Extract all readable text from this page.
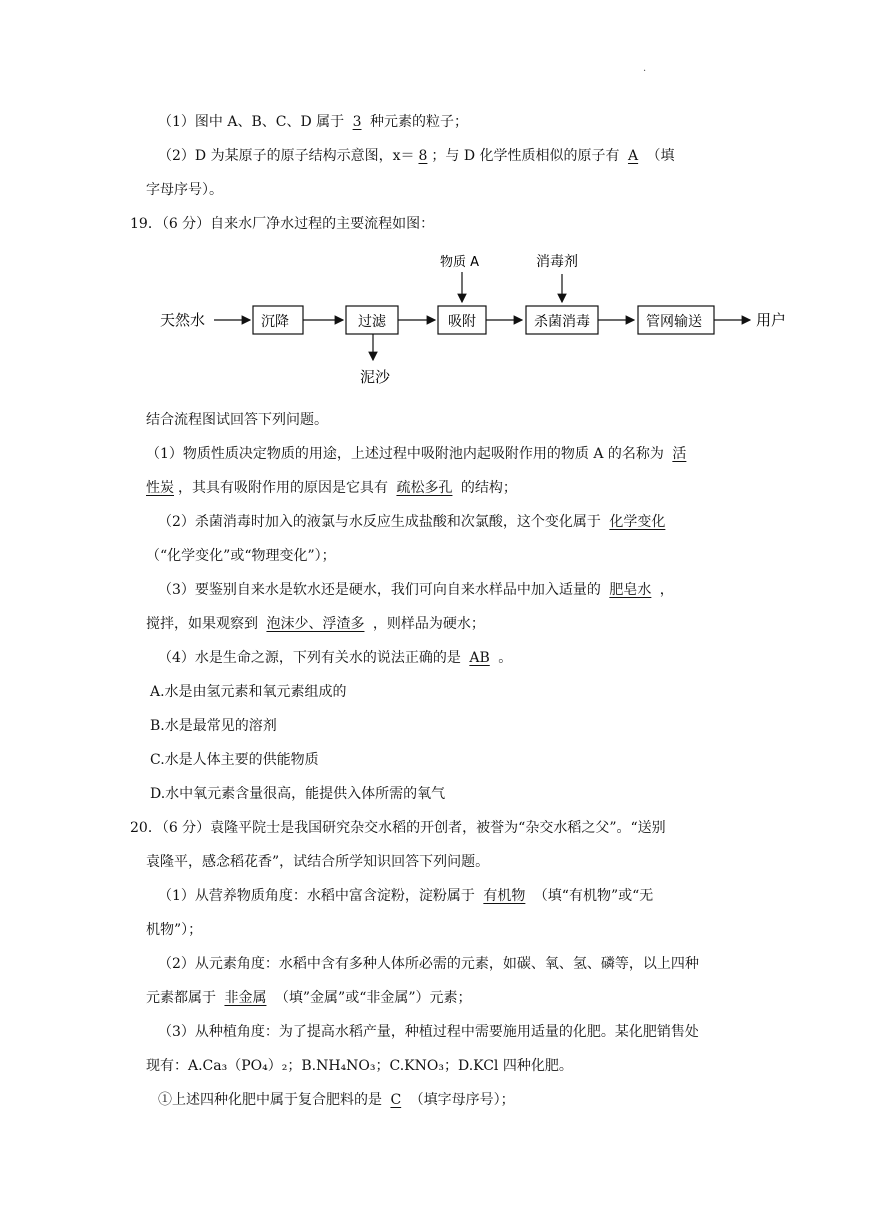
·
（1）图中 A、B、C、D 属于 3 种元素的粒子；
（2）D 为某原子的原子结构示意图，x＝ 8 ；与 D 化学性质相似的原子有 A （填
字母序号）。
19．（6 分）自来水厂净水过程的主要流程如图：
天然水	沉降	过滤
泥沙
吸附
物质 A
杀菌消毒
消毒剂
管网输送	用户
结合流程图试回答下列问题。
（1）物质性质决定物质的用途，上述过程中吸附池内起吸附作用的物质 A 的名称为 活
性炭 ，其具有吸附作用的原因是它具有 疏松多孔 的结构；
（2）杀菌消毒时加入的液氯与水反应生成盐酸和次氯酸，这个变化属于 化学变化
（“化学变化”或“物理变化”）；
（3）要鉴别自来水是软水还是硬水，我们可向自来水样品中加入适量的 肥皂水 ，
搅拌，如果观察到 泡沫少、浮渣多 ，则样品为硬水；
（4）水是生命之源，下列有关水的说法正确的是 AB 。
A.水是由氢元素和氧元素组成的
B.水是最常见的溶剂
C.水是人体主要的供能物质
D.水中氧元素含量很高，能提供入体所需的氧气
20．（6 分）袁隆平院士是我国研究杂交水稻的开创者，被誉为“杂交水稻之父”。“送别
袁隆平，感念稻花香”，试结合所学知识回答下列问题。
（1）从营养物质角度：水稻中富含淀粉，淀粉属于 有机物 （填“有机物”或“无
机物”）；
（2）从元素角度：水稻中含有多种人体所必需的元素，如碳、氧、氢、磷等，以上四种
元素都属于 非金属 （填”金属”或“非金属”）元素；
（3）从种植角度：为了提高水稻产量，种植过程中需要施用适量的化肥。某化肥销售处
现有：A.Ca₃（PO₄）₂；B.NH₄NO₃；C.KNO₃；D.KCl 四种化肥。
①上述四种化肥中属于复合肥料的是 C （填字母序号）；
